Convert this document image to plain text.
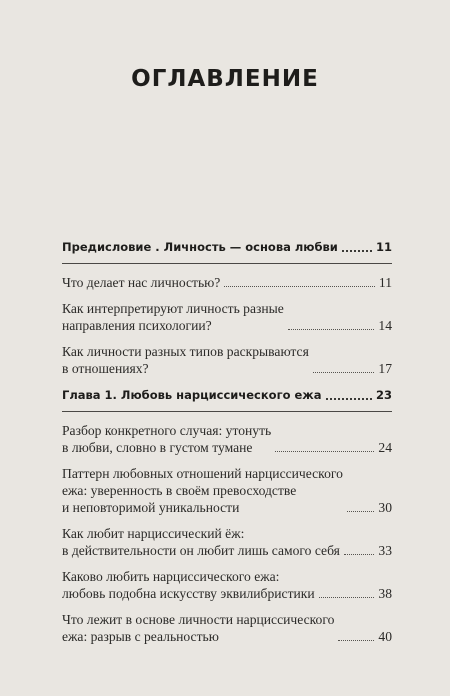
ОГЛАВЛЕНИЕ
Предисловие . Личность — основа любви	11
Что делает нас личностью?	11
Как интерпретируют личность разные
направления психологии?	14
Как личности разных типов раскрываются
в отношениях?	17
Глава 1. Любовь нарциссического ежа	23
Разбор конкретного случая: утонуть
в любви, словно в густом тумане	24
Паттерн любовных отношений нарциссического
ежа: уверенность в своём превосходстве
и неповторимой уникальности	30
Как любит нарциссический ёж:
в действительности он любит лишь самого себя	33
Каково любить нарциссического ежа:
любовь подобна искусству эквилибристики	38
Что лежит в основе личности нарциссического
ежа: разрыв с реальностью	40
